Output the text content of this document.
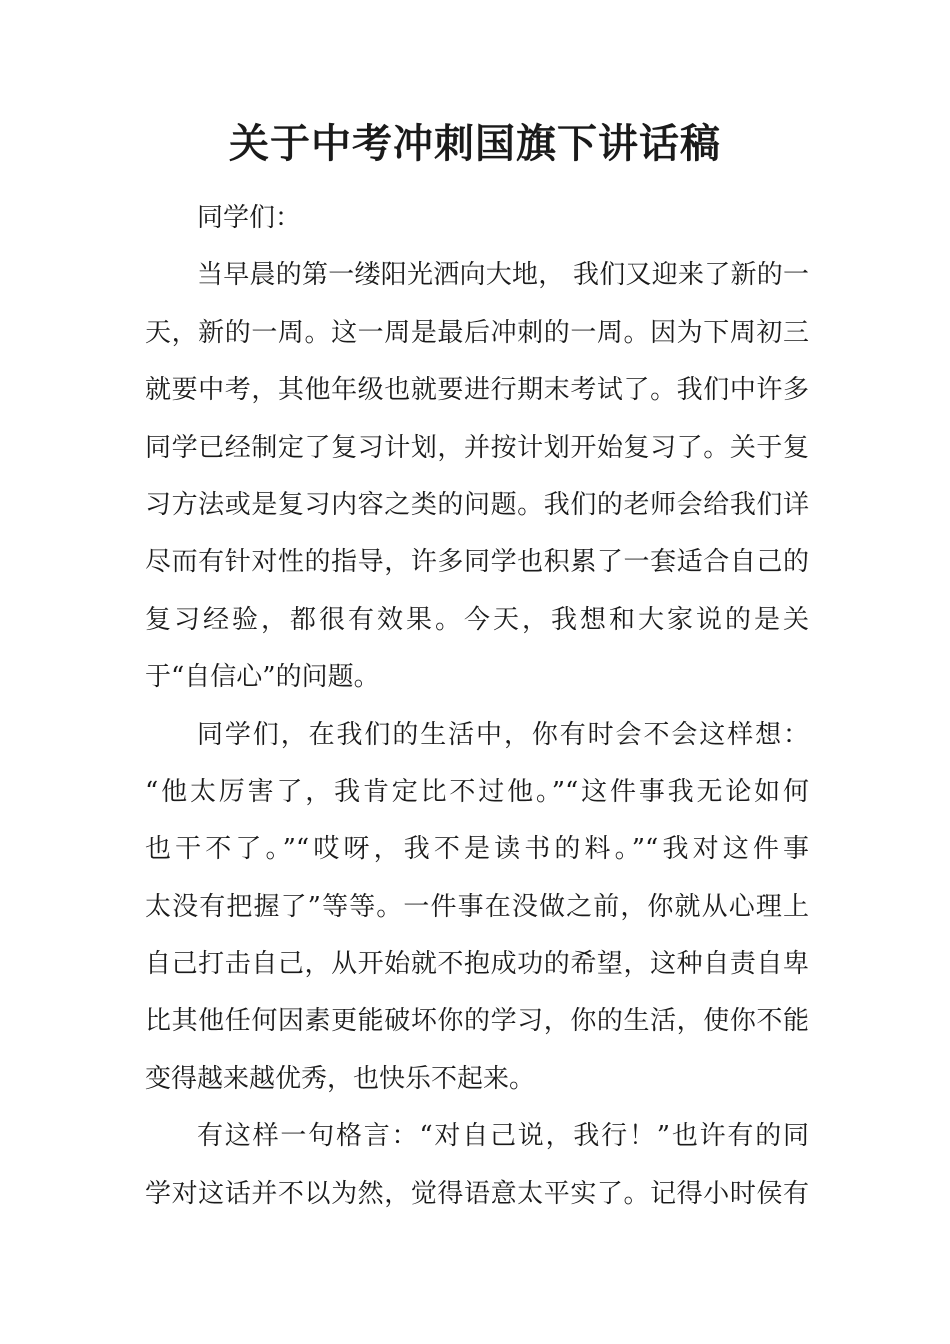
关于中考冲刺国旗下讲话稿
同学们：
当早晨的第一缕阳光洒向大地， 我们又迎来了新的一
天，新的一周。这一周是最后冲刺的一周。因为下周初三
就要中考，其他年级也就要进行期末考试了。我们中许多
同学已经制定了复习计划，并按计划开始复习了。关于复
习方法或是复习内容之类的问题。我们的老师会给我们详
尽而有针对性的指导，许多同学也积累了一套适合自己的
复习经验，都很有效果。今天，我想和大家说的是关
于“自信心”的问题。
同学们，在我们的生活中，你有时会不会这样想：
“他太厉害了，我肯定比不过他。”“这件事我无论如何
也干不了。”“哎呀，我不是读书的料。”“我对这件事
太没有把握了”等等。一件事在没做之前，你就从心理上
自己打击自己，从开始就不抱成功的希望，这种自责自卑
比其他任何因素更能破坏你的学习，你的生活，使你不能
变得越来越优秀，也快乐不起来。
有这样一句格言：“对自己说，我行！”也许有的同
学对这话并不以为然，觉得语意太平实了。记得小时侯有
